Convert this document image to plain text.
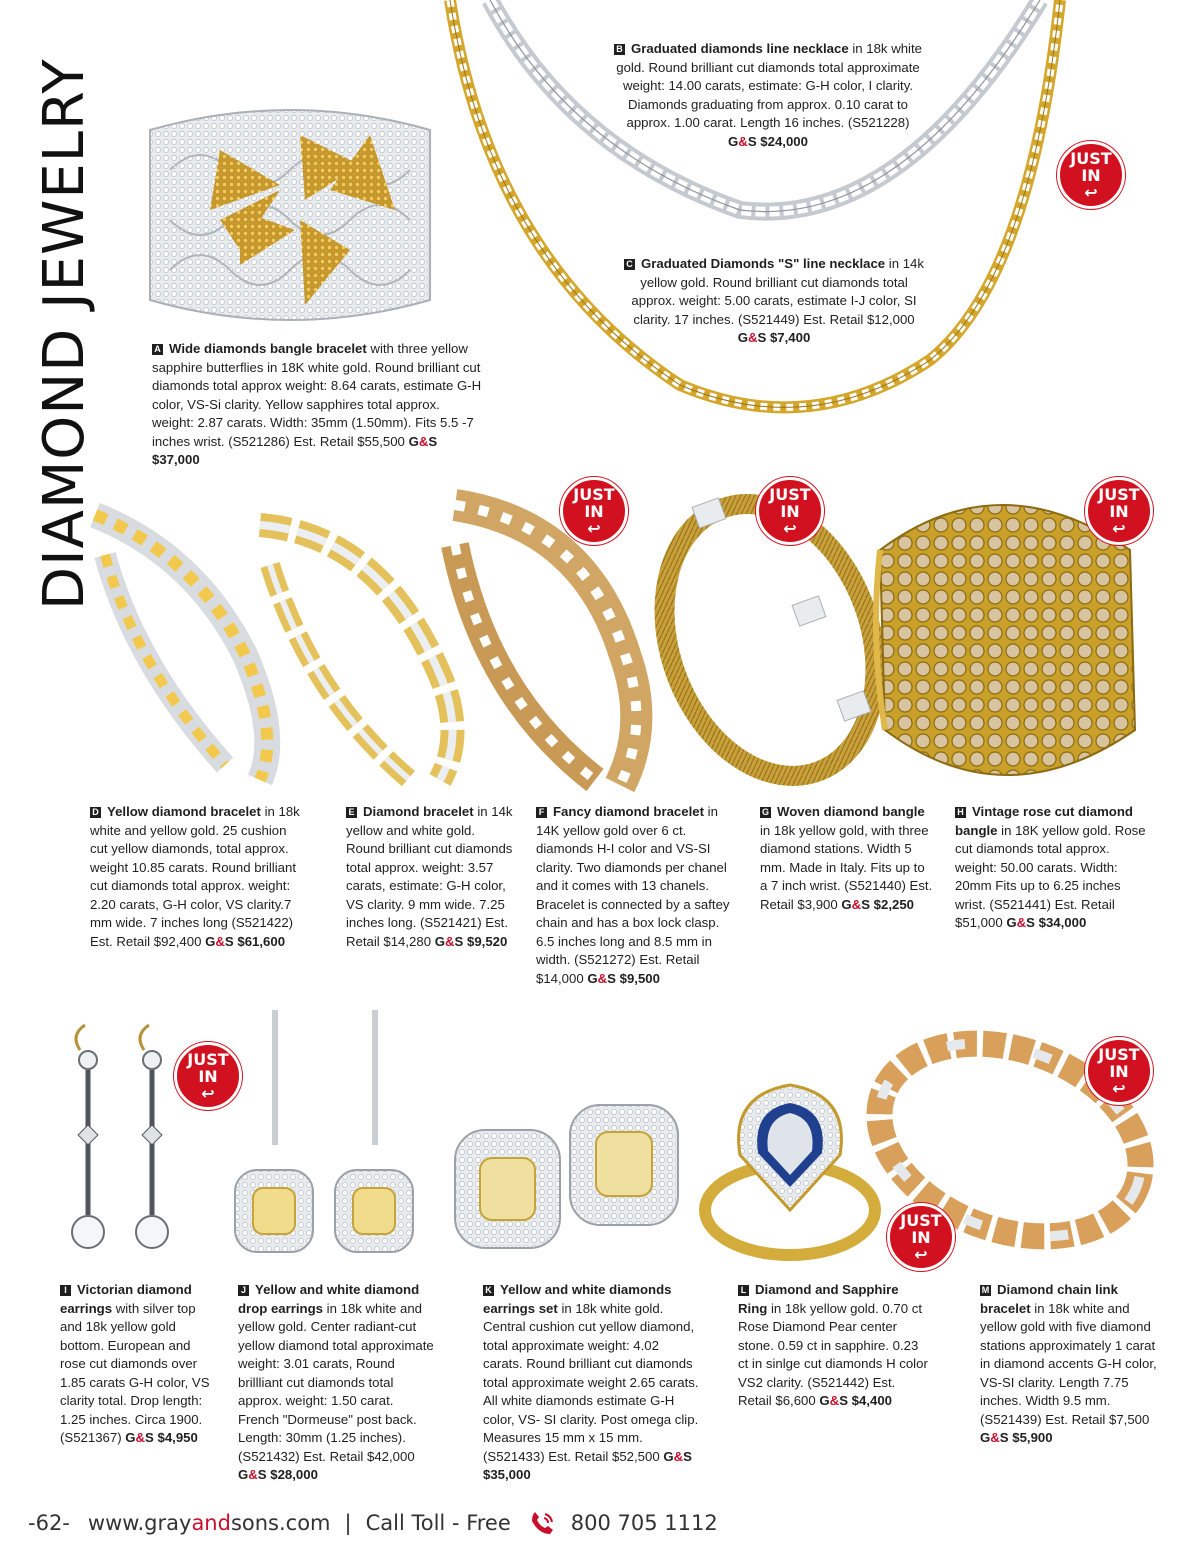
DIAMOND JEWELRY	JUST
IN
↩
JUST
IN
↩
JUST
IN
↩
JUST
IN
↩
JUST
IN
↩
JUST
IN
↩
JUST
IN
↩
A Wide diamonds bangle bracelet with three yellow sapphire butterflies in 18K white gold. Round brilliant cut diamonds total approx weight: 8.64 carats, estimate G-H color, VS-Si clarity. Yellow sapphires total approx. weight: 2.87 carats. Width: 35mm (1.50mm). Fits 5.5 -7 inches wrist. (S521286) Est. Retail $55,500 G&S $37,000
B Graduated diamonds line necklace in 18k white gold. Round brilliant cut diamonds total approximate weight: 14.00 carats, estimate: G-H color, I clarity. Diamonds graduating from approx. 0.10 carat to approx. 1.00 carat. Length 16 inches. (S521228) G&S $24,000
C Graduated Diamonds "S" line necklace in 14k yellow gold. Round brilliant cut diamonds total approx. weight: 5.00 carats, estimate I-J color, SI clarity. 17 inches. (S521449) Est. Retail $12,000 G&S $7,400
D Yellow diamond bracelet in 18k white and yellow gold. 25 cushion cut yellow diamonds, total approx. weight 10.85 carats. Round brilliant cut diamonds total approx. weight: 2.20 carats, G-H color, VS clarity.7 mm wide. 7 inches long (S521422) Est. Retail $92,400 G&S $61,600
E Diamond bracelet in 14k yellow and white gold. Round brilliant cut diamonds total approx. weight: 3.57 carats, estimate: G-H color, VS clarity. 9 mm wide. 7.25 inches long. (S521421) Est. Retail $14,280 G&S $9,520
F Fancy diamond bracelet in 14K yellow gold over 6 ct. diamonds H-I color and VS-SI clarity. Two diamonds per chanel and it comes with 13 chanels. Bracelet is connected by a saftey chain and has a box lock clasp. 6.5 inches long and 8.5 mm in width. (S521272) Est. Retail $14,000 G&S $9,500
G Woven diamond bangle in 18k yellow gold, with three diamond stations. Width 5 mm. Made in Italy. Fits up to a 7 inch wrist. (S521440) Est. Retail $3,900 G&S $2,250
H Vintage rose cut diamond bangle in 18K yellow gold. Rose cut diamonds total approx. weight: 50.00 carats. Width: 20mm Fits up to 6.25 inches wrist. (S521441) Est. Retail $51,000 G&S $34,000
I Victorian diamond earrings with silver top and 18k yellow gold bottom. European and rose cut diamonds over 1.85 carats G-H color, VS clarity total. Drop length: 1.25 inches. Circa 1900. (S521367) G&S $4,950
J Yellow and white diamond drop earrings in 18k white and yellow gold. Center radiant-cut yellow diamond total approximate weight: 3.01 carats, Round brillliant cut diamonds total approx. weight: 1.50 carat. French "Dormeuse" post back. Length: 30mm (1.25 inches). (S521432) Est. Retail $42,000 G&S $28,000
K Yellow and white diamonds earrings set in 18k white gold. Central cushion cut yellow diamond, total approximate weight: 4.02 carats. Round brilliant cut diamonds total approximate weight 2.65 carats. All white diamonds estimate G-H color, VS- SI clarity. Post omega clip. Measures 15 mm x 15 mm. (S521433) Est. Retail $52,500 G&S $35,000
L Diamond and Sapphire Ring in 18k yellow gold. 0.70 ct Rose Diamond Pear center stone. 0.59 ct in sapphire. 0.23 ct in sinlge cut diamonds H color VS2 clarity. (S521442) Est. Retail $6,600 G&S $4,400
M Diamond chain link bracelet in 18k white and yellow gold with five diamond stations approximately 1 carat in diamond accents G-H color, VS-SI clarity. Length 7.75 inches. Width 9.5 mm. (S521439) Est. Retail $7,500 G&S $5,900
-62- www.grayandsons.com | Call Toll - Free	800 705 1112
